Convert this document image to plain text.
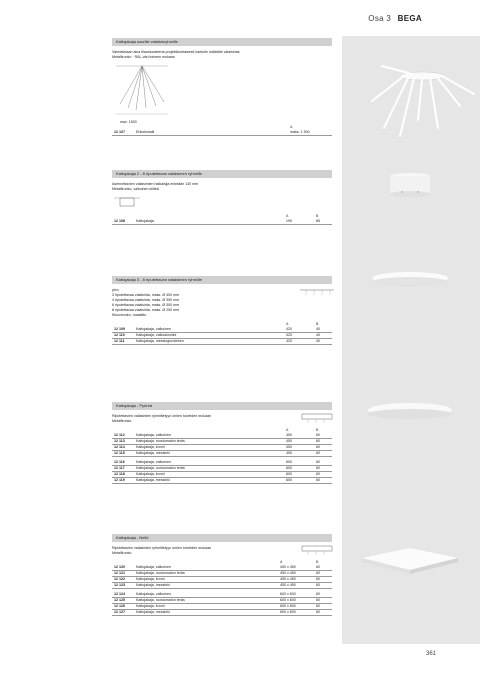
Osa 3 BEGA
Kattojakaja suurille valaisinryhmille
Valmistetaan aina tilaustuotteena projektikohtaisesti haetulle määrälle valaisimia.
Metallirunko · RAL-väri toiveen mukaan
max. 1500
		A
12 107	Erikoismalli	maks. 1 500
Kattojakaja 2 - 8 riputettavan valaisimen ryhmille
Asennettavien valaisimien halkaisija enintään 130 mm
Metallirunko, valkoinen kiilteä
		A	B
12 108	Kattojakaja	190	85
Kattojakaja 3 - 8 riputettavan valaisimen ryhmille
pixo
3 riputettavaa valaisinta, maks. Ø 400 mm
4 riputettavaa valaisinta, maks. Ø 350 mm
6 riputettavaa valaisinta, maks. Ø 300 mm
8 riputettavaa valaisinta, maks. Ø 250 mm
Muovirunko, maalattu
		A	B
12 109	Kattojakaja, valkoinen	420	40
12 110	Kattojakaja, valkoalumiini	420	40
12 111	Kattojakaja, messinginvärinen	420	40
Kattojakaja - Pyöreä
Riputettavien valaisinten ryhmittelyyn omien toiveiden mukaan
Metallirunko
		A	B
12 112	Kattojakaja, valkoinen	450	60
12 113	Kattojakaja, ruostumaton teräs	450	60
12 114	Kattojakaja, kromi	450	60
12 115	Kattojakaja, messinki	450	60

12 116	Kattojakaja, valkoinen	600	60
12 117	Kattojakaja, ruostumaton teräs	600	60
12 118	Kattojakaja, kromi	600	60
12 119	Kattojakaja, messinki	600	60
Kattojakaja - Neliö
Riputettavien valaisinten ryhmittelyyn omien toiveiden mukaan
Metallirunko
		A	B
12 120	Kattojakaja, valkoinen	450 x 450	60
12 121	Kattojakaja, ruostumaton teräs	450 x 450	60
12 122	Kattojakaja, kromi	450 x 450	60
12 123	Kattojakaja, messinki	450 x 450	60

12 124	Kattojakaja, valkoinen	600 x 600	60
12 125	Kattojakaja, ruostumaton teräs	600 x 600	60
12 126	Kattojakaja, kromi	600 x 600	60
12 127	Kattojakaja, messinki	600 x 600	60
361
